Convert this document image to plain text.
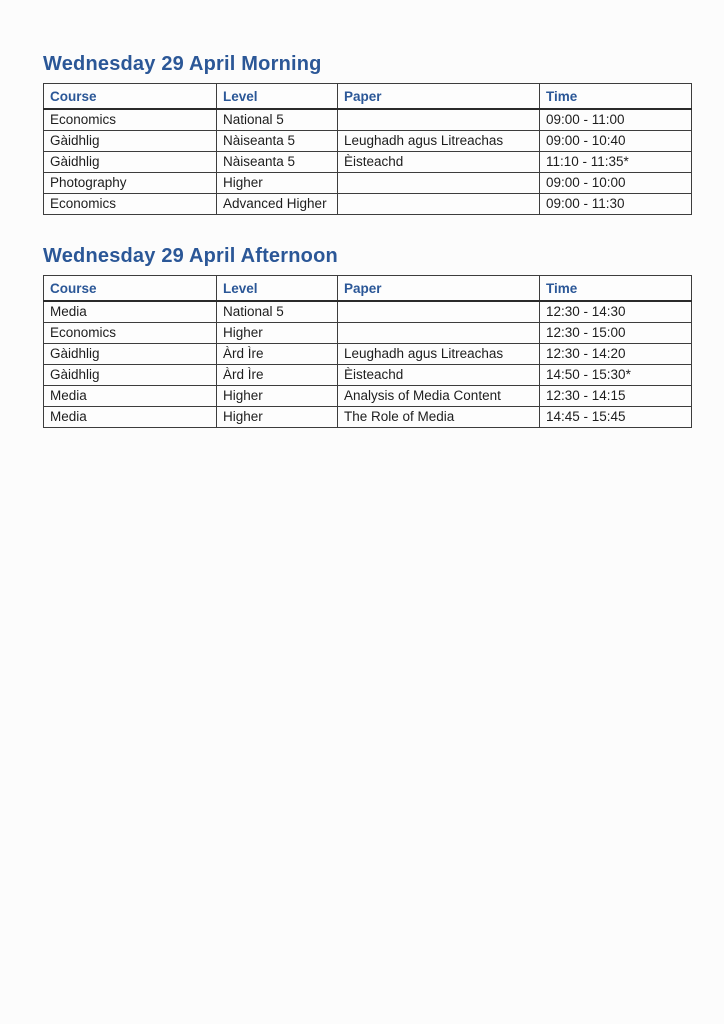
Wednesday 29 April Morning
Course	Level	Paper	Time
Economics	National 5		09:00 - 11:00
Gàidhlig	Nàiseanta 5	Leughadh agus Litreachas	09:00 - 10:40
Gàidhlig	Nàiseanta 5	Èisteachd	11:10 - 11:35*
Photography	Higher		09:00 - 10:00
Economics	Advanced Higher		09:00 - 11:30
Wednesday 29 April Afternoon
Course	Level	Paper	Time
Media	National 5		12:30 - 14:30
Economics	Higher		12:30 - 15:00
Gàidhlig	Àrd Ìre	Leughadh agus Litreachas	12:30 - 14:20
Gàidhlig	Àrd Ìre	Èisteachd	14:50 - 15:30*
Media	Higher	Analysis of Media Content	12:30 - 14:15
Media	Higher	The Role of Media	14:45 - 15:45
